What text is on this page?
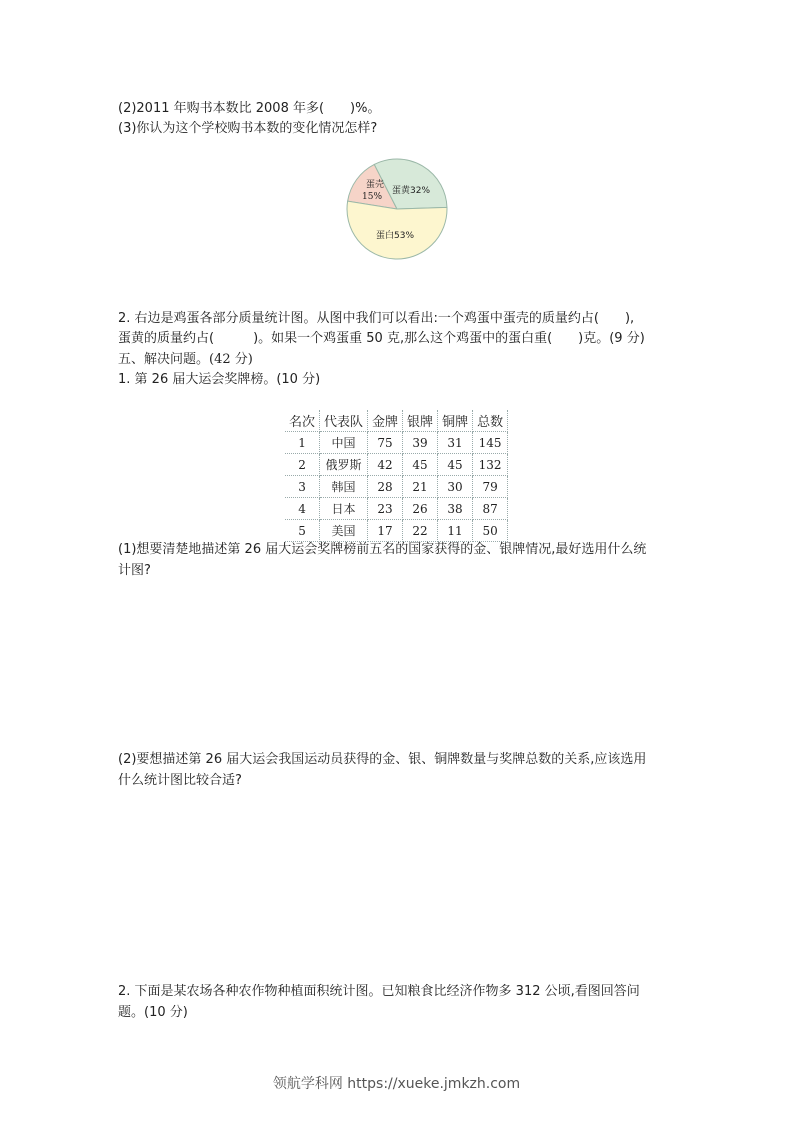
(2)2011 年购书本数比 2008 年多(　　)%。
(3)你认为这个学校购书本数的变化情况怎样?
蛋壳
15%
蛋黄32%
蛋白53%
2. 右边是鸡蛋各部分质量统计图。从图中我们可以看出:一个鸡蛋中蛋壳的质量约占(　　),
蛋黄的质量约占(　　　)。如果一个鸡蛋重 50 克,那么这个鸡蛋中的蛋白重(　　)克。(9 分)
五、解决问题。(42 分)
1. 第 26 届大运会奖牌榜。(10 分)
名次	代表队	金牌	银牌	铜牌	总数
1	中国	75	39	31	145
2	俄罗斯	42	45	45	132
3	韩国	28	21	30	79
4	日本	23	26	38	87
5	美国	17	22	11	50
(1)想要清楚地描述第 26 届大运会奖牌榜前五名的国家获得的金、银牌情况,最好选用什么统
计图?
(2)要想描述第 26 届大运会我国运动员获得的金、银、铜牌数量与奖牌总数的关系,应该选用
什么统计图比较合适?
2. 下面是某农场各种农作物种植面积统计图。已知粮食比经济作物多 312 公顷,看图回答问
题。(10 分)
领航学科网 https://xueke.jmkzh.com
